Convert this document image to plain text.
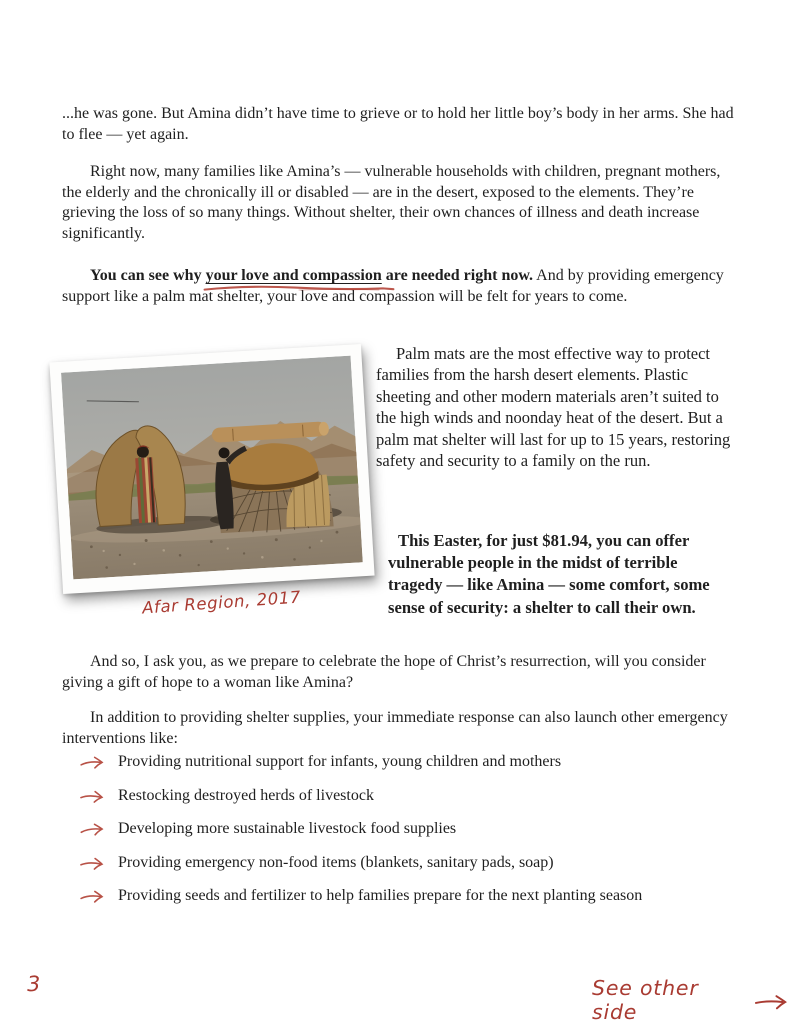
...he was gone. But Amina didn’t have time to grieve or to hold her little boy’s body in her arms. She had to flee — yet again.

Right now, many families like Amina’s — vulnerable households with children, pregnant mothers, the elderly and the chronically ill or disabled — are in the desert, exposed to the elements. They’re grieving the loss of so many things. Without shelter, their own chances of illness and death increase significantly.

You can see why your love and compassion
are needed right now. And by providing emergency support like a palm mat shelter, your love and compassion will be felt for years to come.

Afar Region, 2017

Palm mats are the most effective way to protect families from the harsh desert elements. Plastic sheeting and other modern materials aren’t suited to the high winds and noonday heat of the desert. But a palm mat shelter will last for up to 15 years, restoring safety and security to a family on the run.

This Easter, for just $81.94, you can offer vulnerable people in the midst of terrible tragedy — like Amina — some comfort, some sense of security: a shelter to call their own.

And so, I ask you, as we prepare to celebrate the hope of Christ’s resurrection, will you consider giving a gift of hope to a woman like Amina?

In addition to providing shelter supplies, your immediate response can also launch other emergency interventions like:

Providing nutritional support for infants, young children and mothers
Restocking destroyed herds of livestock
Developing more sustainable livestock food supplies
Providing emergency non-food items (blankets, sanitary pads, soap)
Providing seeds and fertilizer to help families prepare for the next planting season
3	See other side
